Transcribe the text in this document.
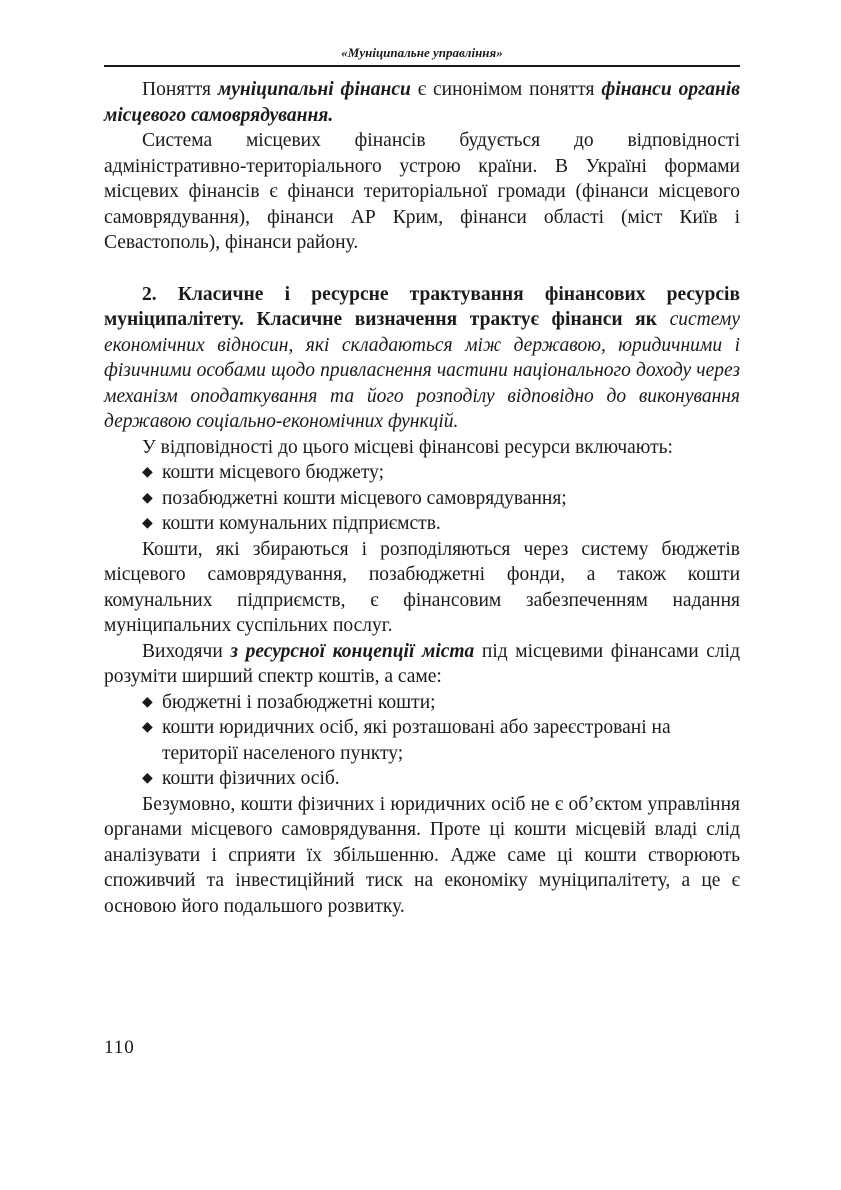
«Муніципальне управління»

Поняття муніципальні фінанси є синонімом поняття фінанси органів місцевого самоврядування.

Система місцевих фінансів будується до відповідності адміністративно-територіального устрою країни. В Україні формами місцевих фінансів є фінанси територіальної громади (фінанси місцевого самоврядування), фінанси АР Крим, фінанси області (міст Київ і Севастополь), фінанси району.

2. Класичне і ресурсне трактування фінансових ресурсів муніципалітету. Класичне визначення трактує фінанси як систему економічних відносин, які складаються між державою, юридичними і фізичними особами щодо привласнення частини національного доходу через механізм оподаткування та його розподілу відповідно до виконування державою соціально-економічних функцій.

У відповідності до цього місцеві фінансові ресурси включають:

◆ кошти місцевого бюджету;
◆ позабюджетні кошти місцевого самоврядування;
◆ кошти комунальних підприємств.

Кошти, які збираються і розподіляються через систему бюджетів місцевого самоврядування, позабюджетні фонди, а також кошти комунальних підприємств, є фінансовим забезпеченням надання муніципальних суспільних послуг.

Виходячи з ресурсної концепції міста під місцевими фінансами слід розуміти ширший спектр коштів, а саме:

◆ бюджетні і позабюджетні кошти;
◆ кошти юридичних осіб, які розташовані або зареєстровані на території населеного пункту;
◆ кошти фізичних осіб.

Безумовно, кошти фізичних і юридичних осіб не є об’єктом управління органами місцевого самоврядування. Проте ці кошти місцевій владі слід аналізувати і сприяти їх збільшенню. Адже саме ці кошти створюють споживчий та інвестиційний тиск на економіку муніципалітету, а це є основою його подальшого розвитку.

110
